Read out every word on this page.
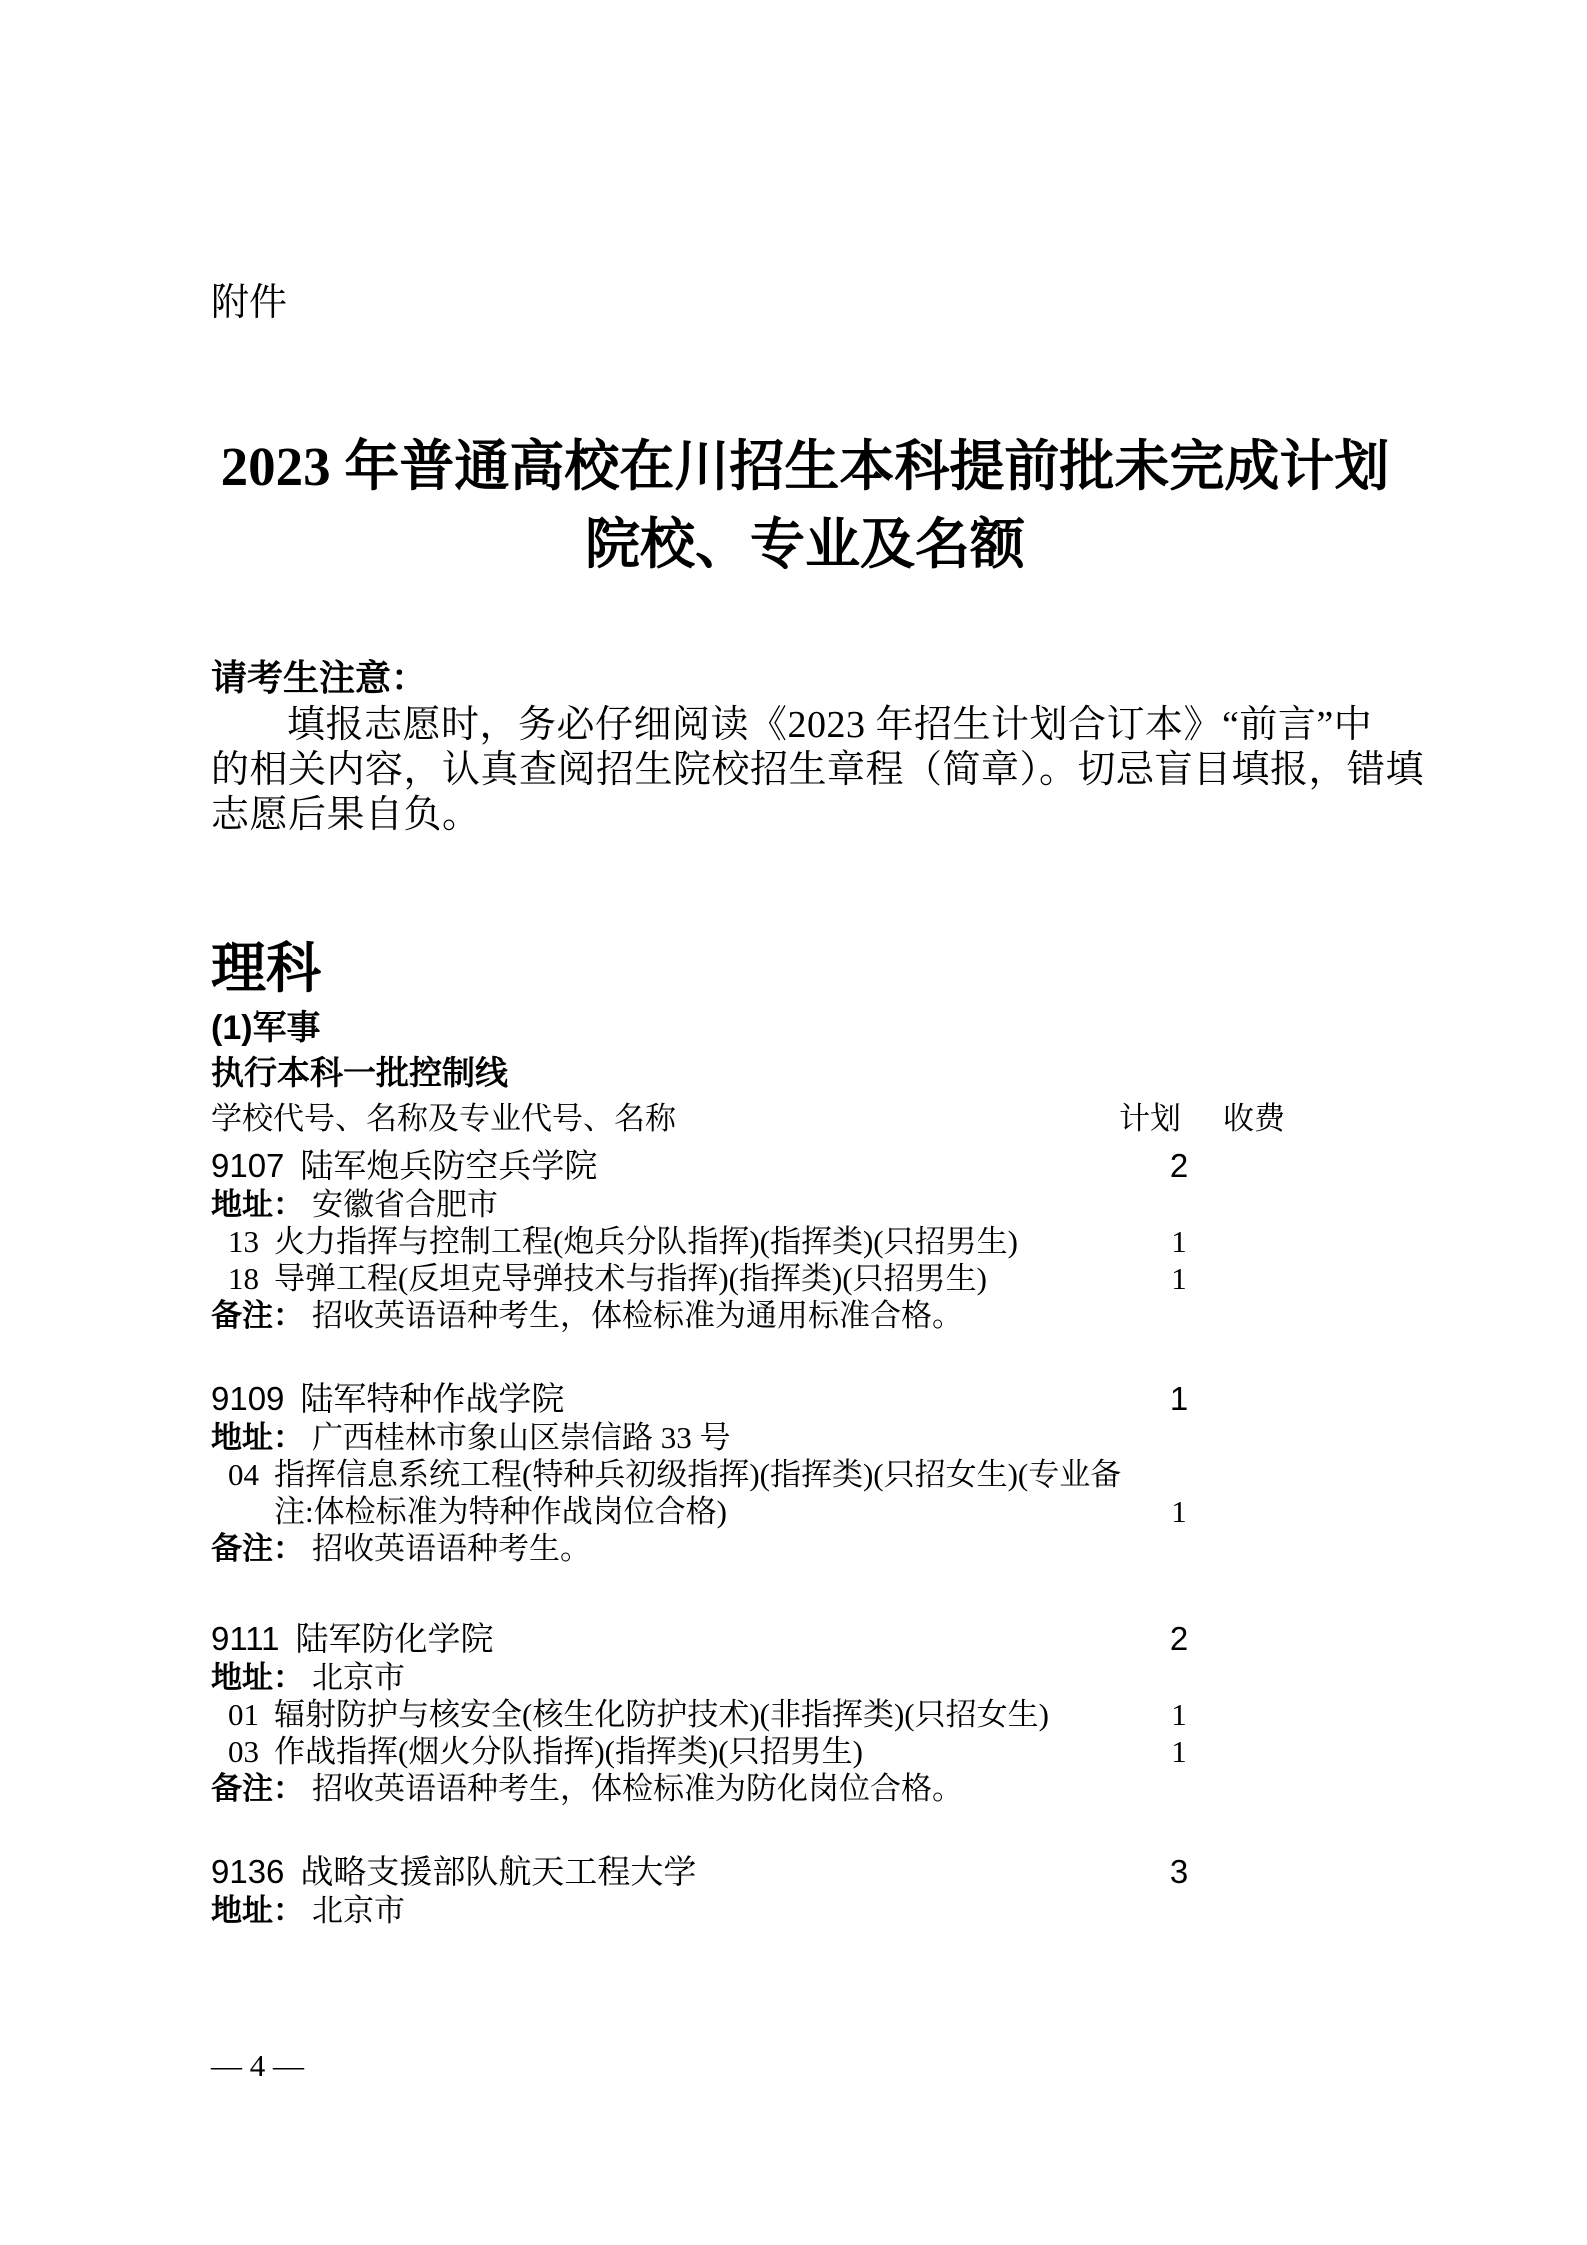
附件
2023 年普通高校在川招生本科提前批未完成计划
院校、专业及名额
请考生注意：
填报志愿时，务必仔细阅读《2023 年招生计划合订本》“前言”中
的相关内容，认真查阅招生院校招生章程（简章）。切忌盲目填报，错填
志愿后果自负。
理科
(1)军事
执行本科一批控制线
学校代号、名称及专业代号、名称	计划 收费
9107 陆军炮兵防空兵学院	2
地址： 安徽省合肥市
13 火力指挥与控制工程(炮兵分队指挥)(指挥类)(只招男生)	1
18 导弹工程(反坦克导弹技术与指挥)(指挥类)(只招男生)	1
备注： 招收英语语种考生，体检标准为通用标准合格。
9109 陆军特种作战学院	1
地址： 广西桂林市象山区崇信路 33 号
04 指挥信息系统工程(特种兵初级指挥)(指挥类)(只招女生)(专业备
注:体检标准为特种作战岗位合格)	1
备注： 招收英语语种考生。
9111 陆军防化学院	2
地址： 北京市
01 辐射防护与核安全(核生化防护技术)(非指挥类)(只招女生)	1
03 作战指挥(烟火分队指挥)(指挥类)(只招男生)	1
备注： 招收英语语种考生，体检标准为防化岗位合格。
9136 战略支援部队航天工程大学	3
地址： 北京市
— 4 —
